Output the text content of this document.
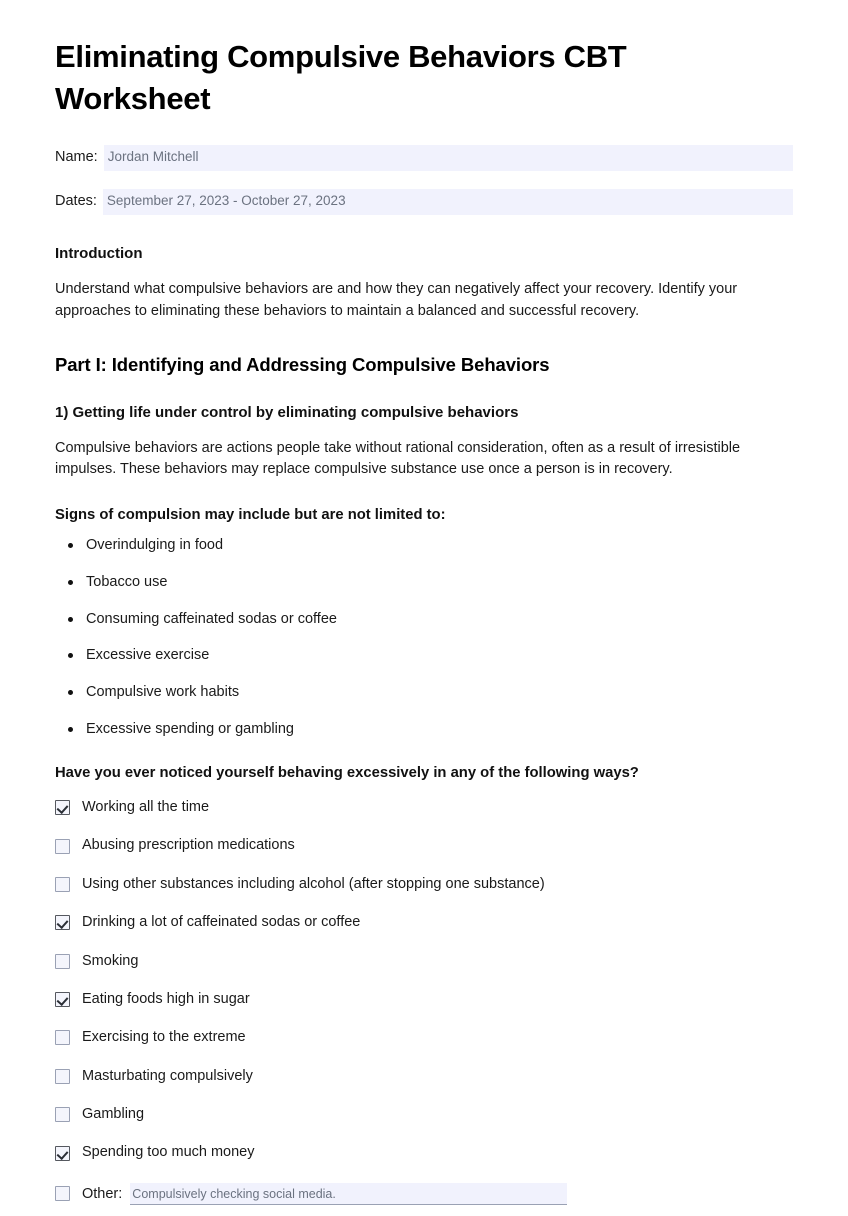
Eliminating Compulsive Behaviors CBT Worksheet
Name: Jordan Mitchell
Dates: September 27, 2023 - October 27, 2023
Introduction

Understand what compulsive behaviors are and how they can negatively affect your recovery. Identify your approaches to eliminating these behaviors to maintain a balanced and successful recovery.

Part I: Identifying and Addressing Compulsive Behaviors
1) Getting life under control by eliminating compulsive behaviors

Compulsive behaviors are actions people take without rational consideration, often as a result of irresistible impulses. These behaviors may replace compulsive substance use once a person is in recovery.

Signs of compulsion may include but are not limited to:
Overindulging in food
Tobacco use
Consuming caffeinated sodas or coffee
Excessive exercise
Compulsive work habits
Excessive spending or gambling
Have you ever noticed yourself behaving excessively in any of the following ways?
Working all the time
Abusing prescription medications
Using other substances including alcohol (after stopping one substance)
Drinking a lot of caffeinated sodas or coffee
Smoking
Eating foods high in sugar
Exercising to the extreme
Masturbating compulsively
Gambling
Spending too much money
Other: Compulsively checking social media.
